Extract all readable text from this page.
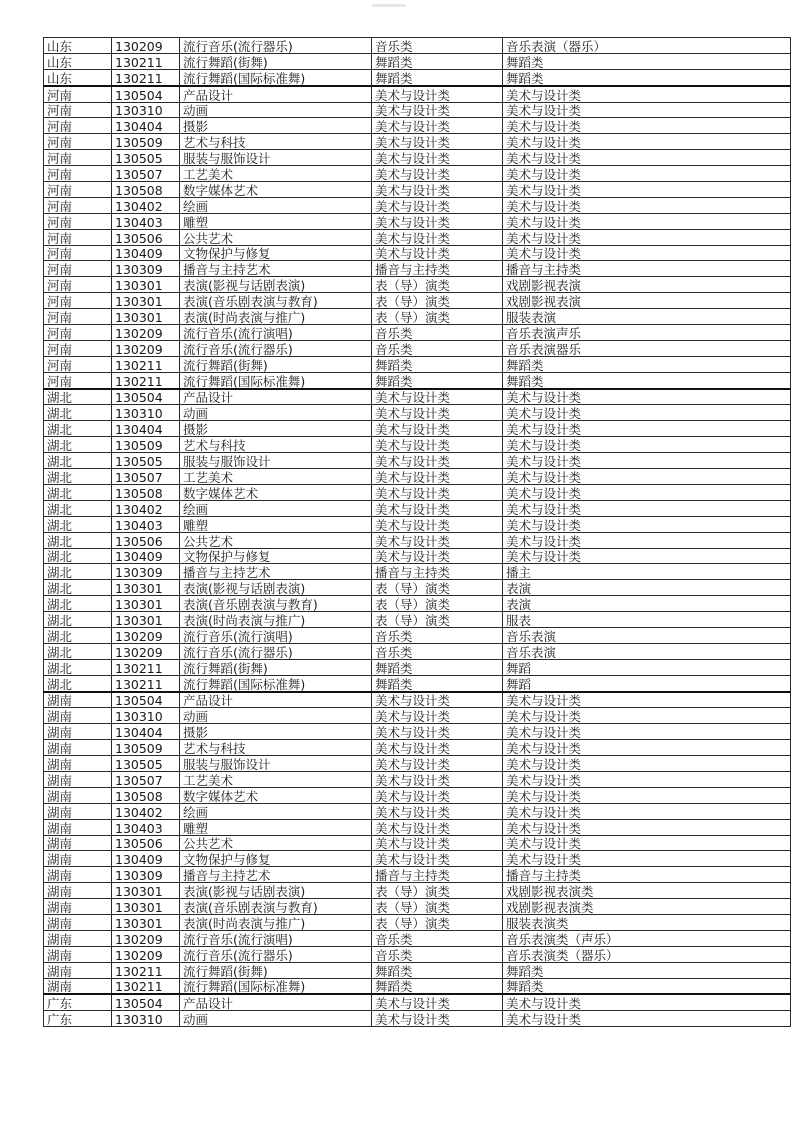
山东	130209	流行音乐(流行器乐)	音乐类	音乐表演（器乐）
山东	130211	流行舞蹈(街舞)	舞蹈类	舞蹈类
山东	130211	流行舞蹈(国际标准舞)	舞蹈类	舞蹈类
河南	130504	产品设计	美术与设计类	美术与设计类
河南	130310	动画	美术与设计类	美术与设计类
河南	130404	摄影	美术与设计类	美术与设计类
河南	130509	艺术与科技	美术与设计类	美术与设计类
河南	130505	服装与服饰设计	美术与设计类	美术与设计类
河南	130507	工艺美术	美术与设计类	美术与设计类
河南	130508	数字媒体艺术	美术与设计类	美术与设计类
河南	130402	绘画	美术与设计类	美术与设计类
河南	130403	雕塑	美术与设计类	美术与设计类
河南	130506	公共艺术	美术与设计类	美术与设计类
河南	130409	文物保护与修复	美术与设计类	美术与设计类
河南	130309	播音与主持艺术	播音与主持类	播音与主持类
河南	130301	表演(影视与话剧表演)	表（导）演类	戏剧影视表演
河南	130301	表演(音乐剧表演与教育)	表（导）演类	戏剧影视表演
河南	130301	表演(时尚表演与推广)	表（导）演类	服装表演
河南	130209	流行音乐(流行演唱)	音乐类	音乐表演声乐
河南	130209	流行音乐(流行器乐)	音乐类	音乐表演器乐
河南	130211	流行舞蹈(街舞)	舞蹈类	舞蹈类
河南	130211	流行舞蹈(国际标准舞)	舞蹈类	舞蹈类
湖北	130504	产品设计	美术与设计类	美术与设计类
湖北	130310	动画	美术与设计类	美术与设计类
湖北	130404	摄影	美术与设计类	美术与设计类
湖北	130509	艺术与科技	美术与设计类	美术与设计类
湖北	130505	服装与服饰设计	美术与设计类	美术与设计类
湖北	130507	工艺美术	美术与设计类	美术与设计类
湖北	130508	数字媒体艺术	美术与设计类	美术与设计类
湖北	130402	绘画	美术与设计类	美术与设计类
湖北	130403	雕塑	美术与设计类	美术与设计类
湖北	130506	公共艺术	美术与设计类	美术与设计类
湖北	130409	文物保护与修复	美术与设计类	美术与设计类
湖北	130309	播音与主持艺术	播音与主持类	播主
湖北	130301	表演(影视与话剧表演)	表（导）演类	表演
湖北	130301	表演(音乐剧表演与教育)	表（导）演类	表演
湖北	130301	表演(时尚表演与推广)	表（导）演类	服表
湖北	130209	流行音乐(流行演唱)	音乐类	音乐表演
湖北	130209	流行音乐(流行器乐)	音乐类	音乐表演
湖北	130211	流行舞蹈(街舞)	舞蹈类	舞蹈
湖北	130211	流行舞蹈(国际标准舞)	舞蹈类	舞蹈
湖南	130504	产品设计	美术与设计类	美术与设计类
湖南	130310	动画	美术与设计类	美术与设计类
湖南	130404	摄影	美术与设计类	美术与设计类
湖南	130509	艺术与科技	美术与设计类	美术与设计类
湖南	130505	服装与服饰设计	美术与设计类	美术与设计类
湖南	130507	工艺美术	美术与设计类	美术与设计类
湖南	130508	数字媒体艺术	美术与设计类	美术与设计类
湖南	130402	绘画	美术与设计类	美术与设计类
湖南	130403	雕塑	美术与设计类	美术与设计类
湖南	130506	公共艺术	美术与设计类	美术与设计类
湖南	130409	文物保护与修复	美术与设计类	美术与设计类
湖南	130309	播音与主持艺术	播音与主持类	播音与主持类
湖南	130301	表演(影视与话剧表演)	表（导）演类	戏剧影视表演类
湖南	130301	表演(音乐剧表演与教育)	表（导）演类	戏剧影视表演类
湖南	130301	表演(时尚表演与推广)	表（导）演类	服装表演类
湖南	130209	流行音乐(流行演唱)	音乐类	音乐表演类（声乐）
湖南	130209	流行音乐(流行器乐)	音乐类	音乐表演类（器乐）
湖南	130211	流行舞蹈(街舞)	舞蹈类	舞蹈类
湖南	130211	流行舞蹈(国际标准舞)	舞蹈类	舞蹈类
广东	130504	产品设计	美术与设计类	美术与设计类
广东	130310	动画	美术与设计类	美术与设计类
